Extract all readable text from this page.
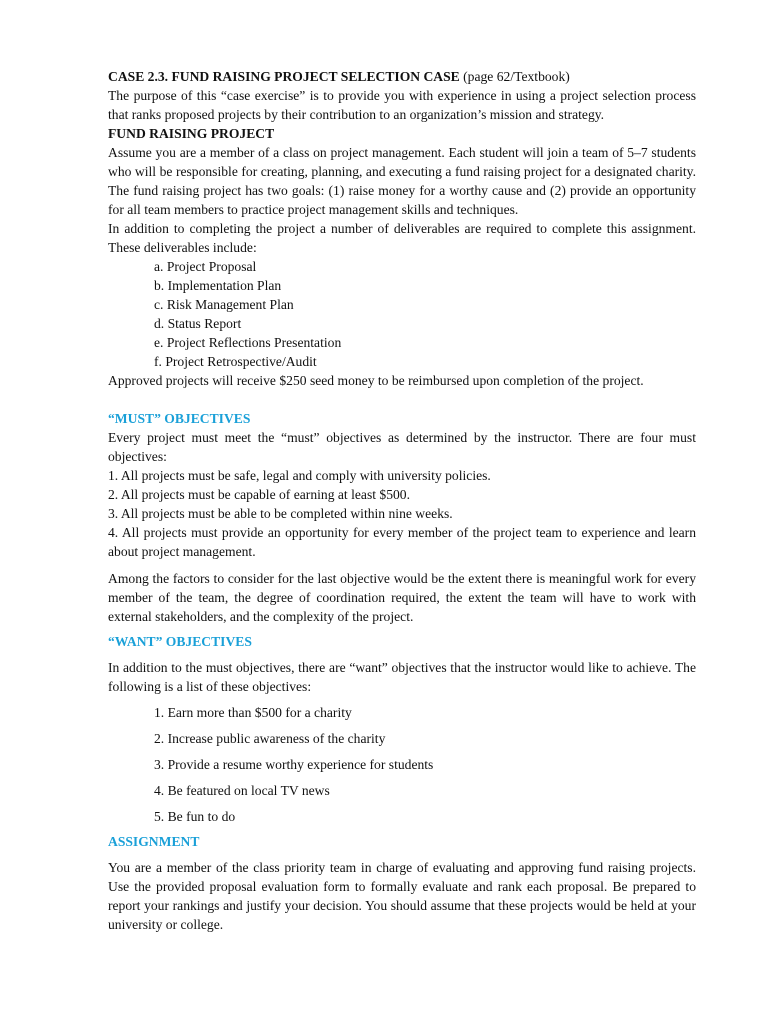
CASE 2.3. FUND RAISING PROJECT SELECTION CASE (page 62/Textbook)

The purpose of this “case exercise” is to provide you with experience in using a project selection process that ranks proposed projects by their contribution to an organization’s mission and strategy.

FUND RAISING PROJECT

Assume you are a member of a class on project management. Each student will join a team of 5–7 students who will be responsible for creating, planning, and executing a fund raising project for a designated charity. The fund raising project has two goals: (1) raise money for a worthy cause and (2) provide an opportunity for all team members to practice project management skills and techniques.

In addition to completing the project a number of deliverables are required to complete this assignment. These deliverables include:

a. Project Proposal
b. Implementation Plan
c. Risk Management Plan
d. Status Report
e. Project Reflections Presentation
f. Project Retrospective/Audit

Approved projects will receive $250 seed money to be reimbursed upon completion of the project.

“MUST” OBJECTIVES

Every project must meet the “must” objectives as determined by the instructor. There are four must objectives:

1. All projects must be safe, legal and comply with university policies.
2. All projects must be capable of earning at least $500.
3. All projects must be able to be completed within nine weeks.
4. All projects must provide an opportunity for every member of the project team to experience and learn about project management.

Among the factors to consider for the last objective would be the extent there is meaningful work for every member of the team, the degree of coordination required, the extent the team will have to work with external stakeholders, and the complexity of the project.

“WANT” OBJECTIVES

In addition to the must objectives, there are “want” objectives that the instructor would like to achieve. The following is a list of these objectives:

1. Earn more than $500 for a charity
2. Increase public awareness of the charity
3. Provide a resume worthy experience for students
4. Be featured on local TV news
5. Be fun to do

ASSIGNMENT

You are a member of the class priority team in charge of evaluating and approving fund raising projects. Use the provided proposal evaluation form to formally evaluate and rank each proposal. Be prepared to report your rankings and justify your decision. You should assume that these projects would be held at your university or college.
